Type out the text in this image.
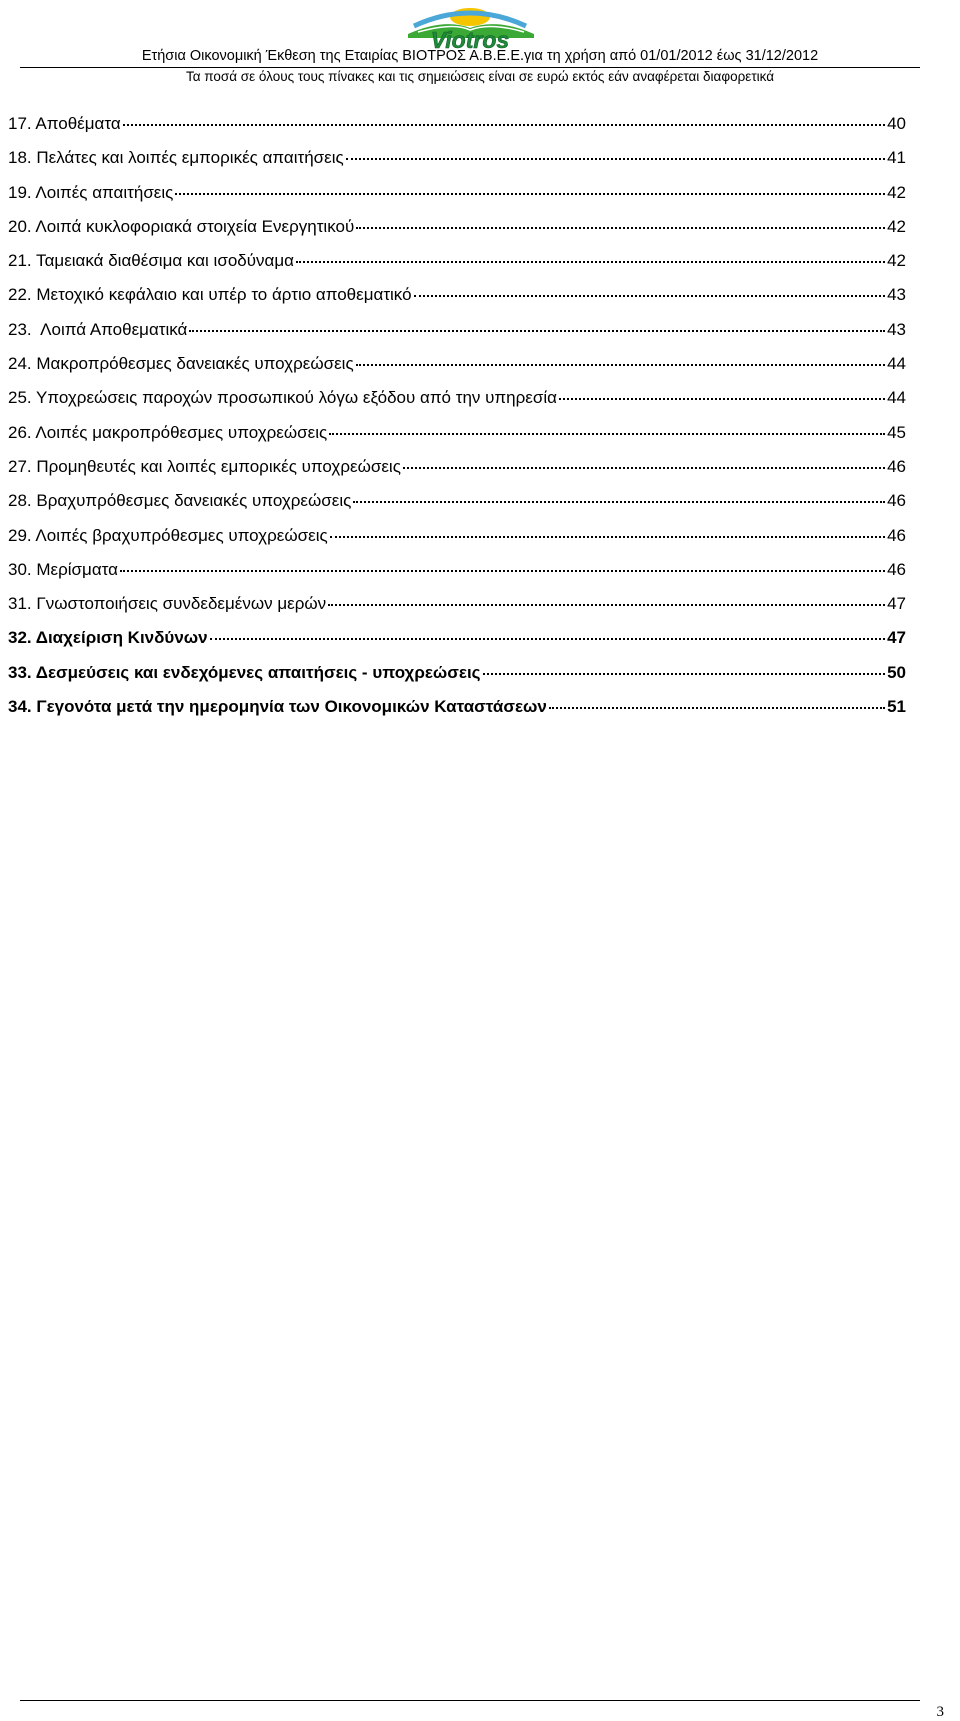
Viotros
Ετήσια Οικονομική Έκθεση της Εταιρίας ΒΙΟΤΡΟΣ Α.Β.Ε.Ε.για τη χρήση από 01/01/2012 έως 31/12/2012
Τα ποσά σε όλους τους πίνακες και τις σημειώσεις είναι σε ευρώ εκτός εάν αναφέρεται διαφορετικά
17. Αποθέματα	40
18. Πελάτες και λοιπές εμπορικές απαιτήσεις	41
19. Λοιπές απαιτήσεις	42
20. Λοιπά κυκλοφοριακά στοιχεία Ενεργητικού	42
21. Ταμειακά διαθέσιμα και ισοδύναμα	42
22. Μετοχικό κεφάλαιο και υπέρ το άρτιο αποθεματικό	43
23.  Λοιπά Αποθεματικά	43
24. Μακροπρόθεσμες δανειακές υποχρεώσεις	44
25. Υποχρεώσεις παροχών προσωπικού λόγω εξόδου από την υπηρεσία	44
26. Λοιπές μακροπρόθεσμες υποχρεώσεις	45
27. Προμηθευτές και λοιπές εμπορικές υποχρεώσεις	46
28. Βραχυπρόθεσμες δανειακές υποχρεώσεις	46
29. Λοιπές βραχυπρόθεσμες υποχρεώσεις	46
30. Μερίσματα	46
31. Γνωστοποιήσεις συνδεδεμένων μερών	47
32. Διαχείριση Κινδύνων	47
33. Δεσμεύσεις και ενδεχόμενες απαιτήσεις - υποχρεώσεις	50
34. Γεγονότα μετά την ημερομηνία των Οικονομικών Καταστάσεων	51
3
